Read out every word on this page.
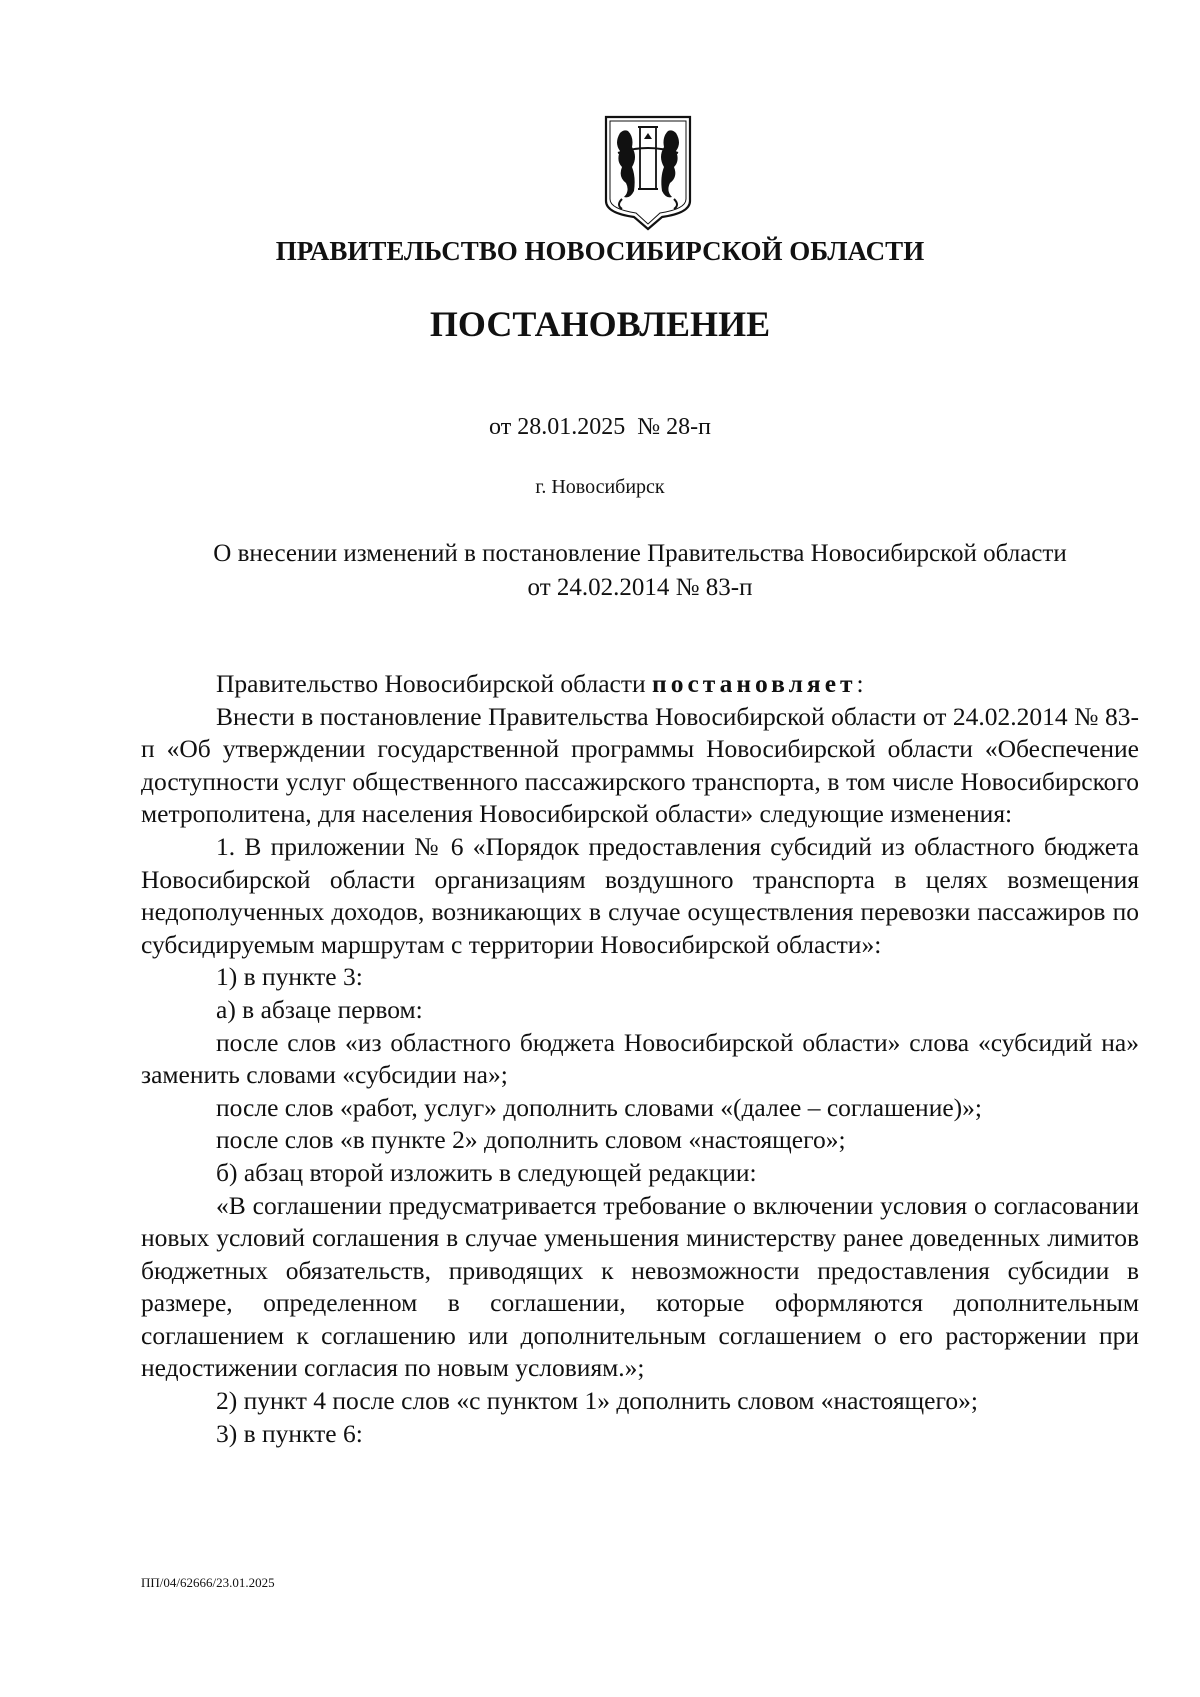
ПРАВИТЕЛЬСТВО НОВОСИБИРСКОЙ ОБЛАСТИ
ПОСТАНОВЛЕНИЕ
от 28.01.2025  № 28-п
г. Новосибирск
О внесении изменений в постановление Правительства Новосибирской области от 24.02.2014 № 83-п

Правительство Новосибирской области постановляет:

Внести в постановление Правительства Новосибирской области от 24.02.2014 № 83-п «Об утверждении государственной программы Новосибирской области «Обеспечение доступности услуг общественного пассажирского транспорта, в том числе Новосибирского метрополитена, для населения Новосибирской области» следующие изменения:

1. В приложении № 6 «Порядок предоставления субсидий из областного бюджета Новосибирской области организациям воздушного транспорта в целях возмещения недополученных доходов, возникающих в случае осуществления перевозки пассажиров по субсидируемым маршрутам с территории Новосибирской области»:

1) в пункте 3:

а) в абзаце первом:

после слов «из областного бюджета Новосибирской области» слова «субсидий на» заменить словами «субсидии на»;

после слов «работ, услуг» дополнить словами «(далее – соглашение)»;

после слов «в пункте 2» дополнить словом «настоящего»;

б) абзац второй изложить в следующей редакции:

«В соглашении предусматривается требование о включении условия о согласовании новых условий соглашения в случае уменьшения министерству ранее доведенных лимитов бюджетных обязательств, приводящих к невозможности предоставления субсидии в размере, определенном в соглашении, которые оформляются дополнительным соглашением к соглашению или дополнительным соглашением о его расторжении при недостижении согласия по новым условиям.»;

2) пункт 4 после слов «с пунктом 1» дополнить словом «настоящего»;

3) в пункте 6:

ПП/04/62666/23.01.2025
